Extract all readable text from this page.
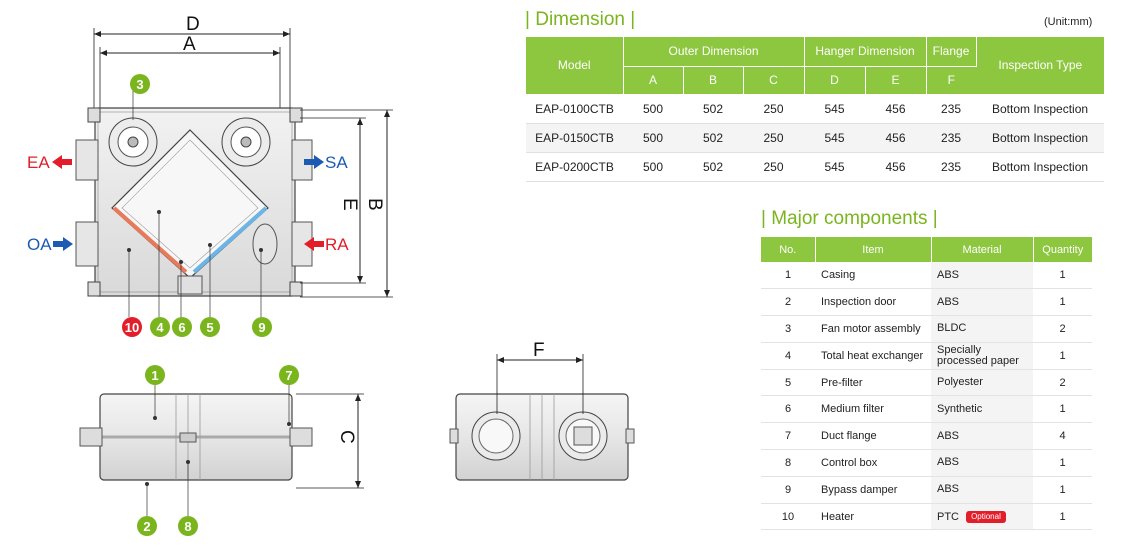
D
A
EA	SA
OA	RA
E B
3
10 4 6 5	9
C
1	7
2	8
F
| Dimension |	(Unit:mm)
Model	Outer Dimension			Hanger Dimension		Flange	Inspection Type
	A	B	C	D	E	F	
EAP-0100CTB	500	502	250	545	456	235	Bottom Inspection
EAP-0150CTB	500	502	250	545	456	235	Bottom Inspection
EAP-0200CTB	500	502	250	545	456	235	Bottom Inspection
| Major components |
No.	Item	Material	Quantity
1	Casing	ABS	1
2	Inspection door	ABS	1
3	Fan motor assembly	BLDC	2
4	Total heat exchanger	Specially
processed paper	1
5	Pre-filter	Polyester	2
6	Medium filter	Synthetic	1
7	Duct flange	ABS	4
8	Control box	ABS	1
9	Bypass damper	ABS	1
10	Heater	PTC Optional	1
